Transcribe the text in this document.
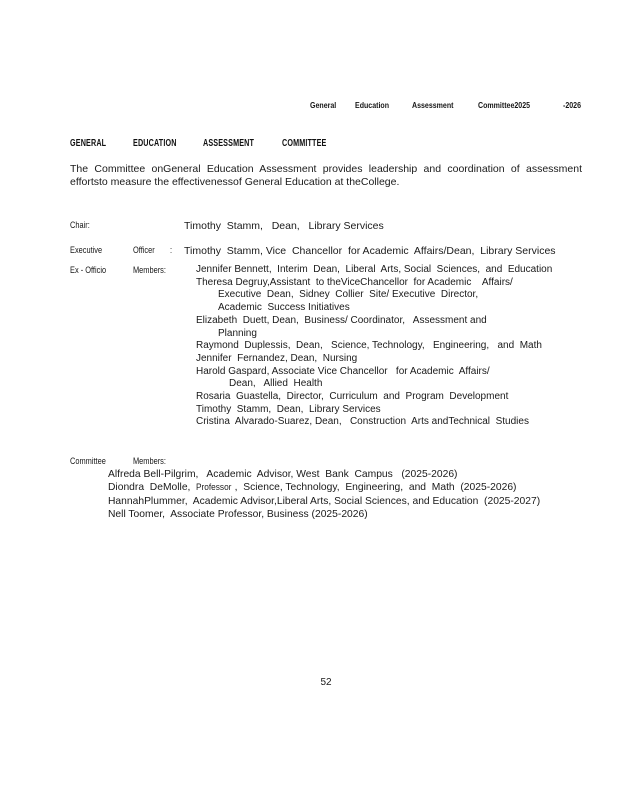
General Education	Assessment	Committee2025	-2026
GENERAL	EDUCATION	ASSESSMENT	COMMITTEE
The Committee onGeneral Education Assessment provides leadership and coordination of assessment
effortsto measure the effectivenessof General Education at theCollege.
Chair:	Timothy  Stamm,   Dean,   Library Services
Executive	Officer : Timothy  Stamm, Vice  Chancellor  for Academic  Affairs/Dean,  Library Services
Ex - Officio	Members:	Jennifer Bennett,  Interim  Dean,  Liberal  Arts, Social  Sciences,  and  Education
Theresa Degruy,Assistant  to theViceChancellor  for Academic    Affairs/
Executive  Dean,  Sidney  Collier  Site/ Executive  Director,
Academic  Success Initiatives
Elizabeth  Duett, Dean,  Business/ Coordinator,   Assessment and
Planning
Raymond  Duplessis,  Dean,   Science, Technology,   Engineering,   and  Math
Jennifer  Fernandez, Dean,  Nursing
Harold Gaspard, Associate Vice Chancellor   for Academic  Affairs/
Dean,   Allied  Health
Rosaria  Guastella,  Director,  Curriculum  and  Program  Development
Timothy  Stamm,  Dean,  Library Services
Cristina  Alvarado-Suarez, Dean,   Construction  Arts andTechnical  Studies
Committee	Members:
Alfreda Bell-Pilgrim,   Academic  Advisor, West  Bank  Campus   (2025-2026)
Diondra  DeMolle,  Professor ,  Science, Technology,  Engineering,  and  Math  (2025-2026)
HannahPlummer,  Academic Advisor,Liberal Arts, Social Sciences, and Education  (2025-2027)
Nell Toomer,  Associate Professor, Business (2025-2026)
52
